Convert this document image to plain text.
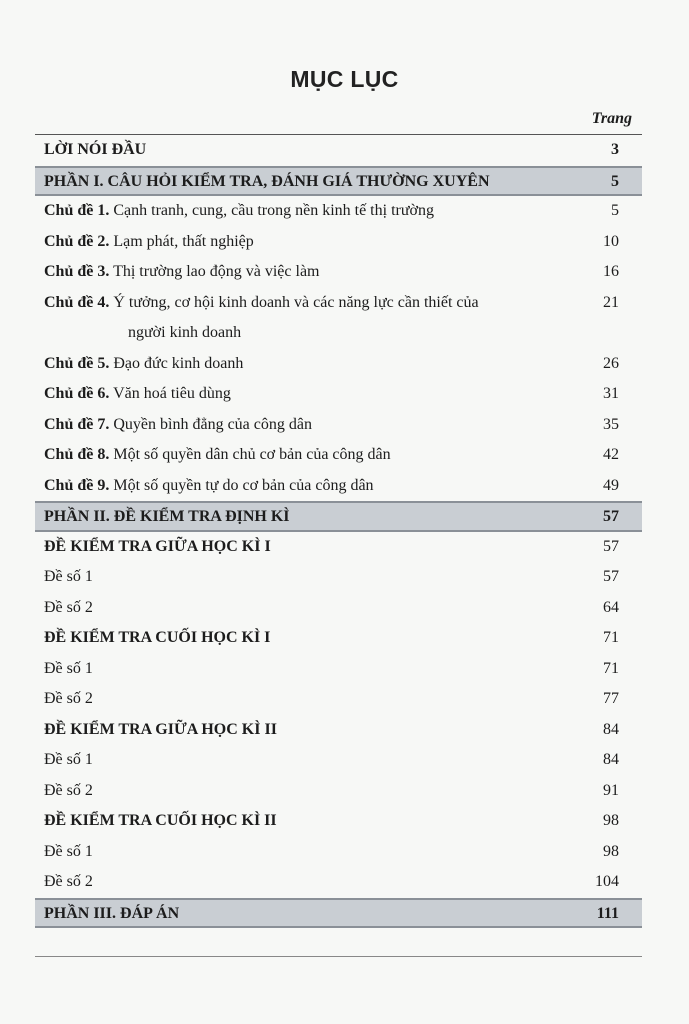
MỤC LỤC
Trang
LỜI NÓI ĐẦU	3
PHẦN I. CÂU HỎI KIỂM TRA, ĐÁNH GIÁ THƯỜNG XUYÊN	5
Chủ đề 1. Cạnh tranh, cung, cầu trong nền kinh tế thị trường	5
Chủ đề 2. Lạm phát, thất nghiệp	10
Chủ đề 3. Thị trường lao động và việc làm	16
Chủ đề 4. Ý tưởng, cơ hội kinh doanh và các năng lực cần thiết của
người kinh doanh
21
Chủ đề 5. Đạo đức kinh doanh	26
Chủ đề 6. Văn hoá tiêu dùng	31
Chủ đề 7. Quyền bình đẳng của công dân	35
Chủ đề 8. Một số quyền dân chủ cơ bản của công dân	42
Chủ đề 9. Một số quyền tự do cơ bản của công dân	49
PHẦN II. ĐỀ KIỂM TRA ĐỊNH KÌ	57
ĐỀ KIỂM TRA GIỮA HỌC KÌ I	57
Đề số 1	57
Đề số 2	64
ĐỀ KIỂM TRA CUỐI HỌC KÌ I	71
Đề số 1	71
Đề số 2	77
ĐỀ KIỂM TRA GIỮA HỌC KÌ II	84
Đề số 1	84
Đề số 2	91
ĐỀ KIỂM TRA CUỐI HỌC KÌ II	98
Đề số 1	98
Đề số 2	104
PHẦN III. ĐÁP ÁN	111
